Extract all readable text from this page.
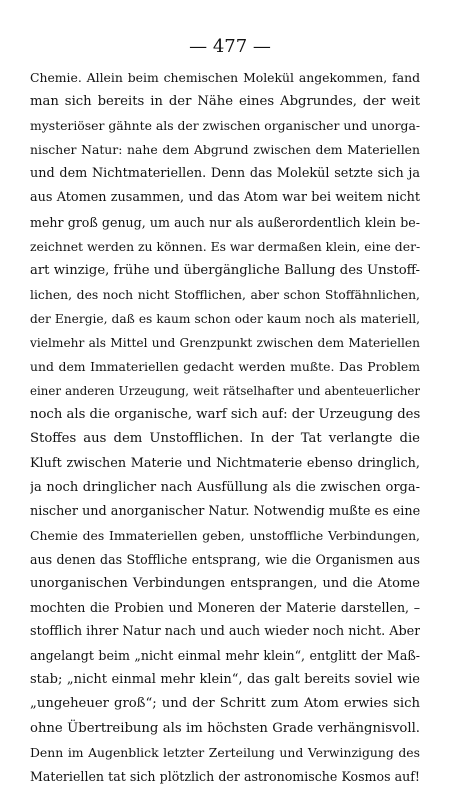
— 477 —
Chemie. Allein beim chemischen Molekül angekommen, fand
man sich bereits in der Nähe eines Abgrundes, der weit
mysteriöser gähnte als der zwischen organischer und unorga-
nischer Natur: nahe dem Abgrund zwischen dem Materiellen
und dem Nichtmateriellen. Denn das Molekül setzte sich ja
aus Atomen zusammen, und das Atom war bei weitem nicht
mehr groß genug, um auch nur als außerordentlich klein be-
zeichnet werden zu können. Es war dermaßen klein, eine der-
art winzige, frühe und übergängliche Ballung des Unstoff-
lichen, des noch nicht Stofflichen, aber schon Stoffähnlichen,
der Energie, daß es kaum schon oder kaum noch als materiell,
vielmehr als Mittel und Grenzpunkt zwischen dem Materiellen
und dem Immateriellen gedacht werden mußte. Das Problem
einer anderen Urzeugung, weit rätselhafter und abenteuerlicher
noch als die organische, warf sich auf: der Urzeugung des
Stoffes aus dem Unstofflichen. In der Tat verlangte die
Kluft zwischen Materie und Nichtmaterie ebenso dringlich,
ja noch dringlicher nach Ausfüllung als die zwischen orga-
nischer und anorganischer Natur. Notwendig mußte es eine
Chemie des Immateriellen geben, unstoffliche Verbindungen,
aus denen das Stoffliche entsprang, wie die Organismen aus
unorganischen Verbindungen entsprangen, und die Atome
mochten die Probien und Moneren der Materie darstellen, –
stofflich ihrer Natur nach und auch wieder noch nicht. Aber
angelangt beim „nicht einmal mehr klein“, entglitt der Maß-
stab; „nicht einmal mehr klein“, das galt bereits soviel wie
„ungeheuer groß“; und der Schritt zum Atom erwies sich
ohne Übertreibung als im höchsten Grade verhängnisvoll.
Denn im Augenblick letzter Zerteilung und Verwinzigung des
Materiellen tat sich plötzlich der astronomische Kosmos auf!
